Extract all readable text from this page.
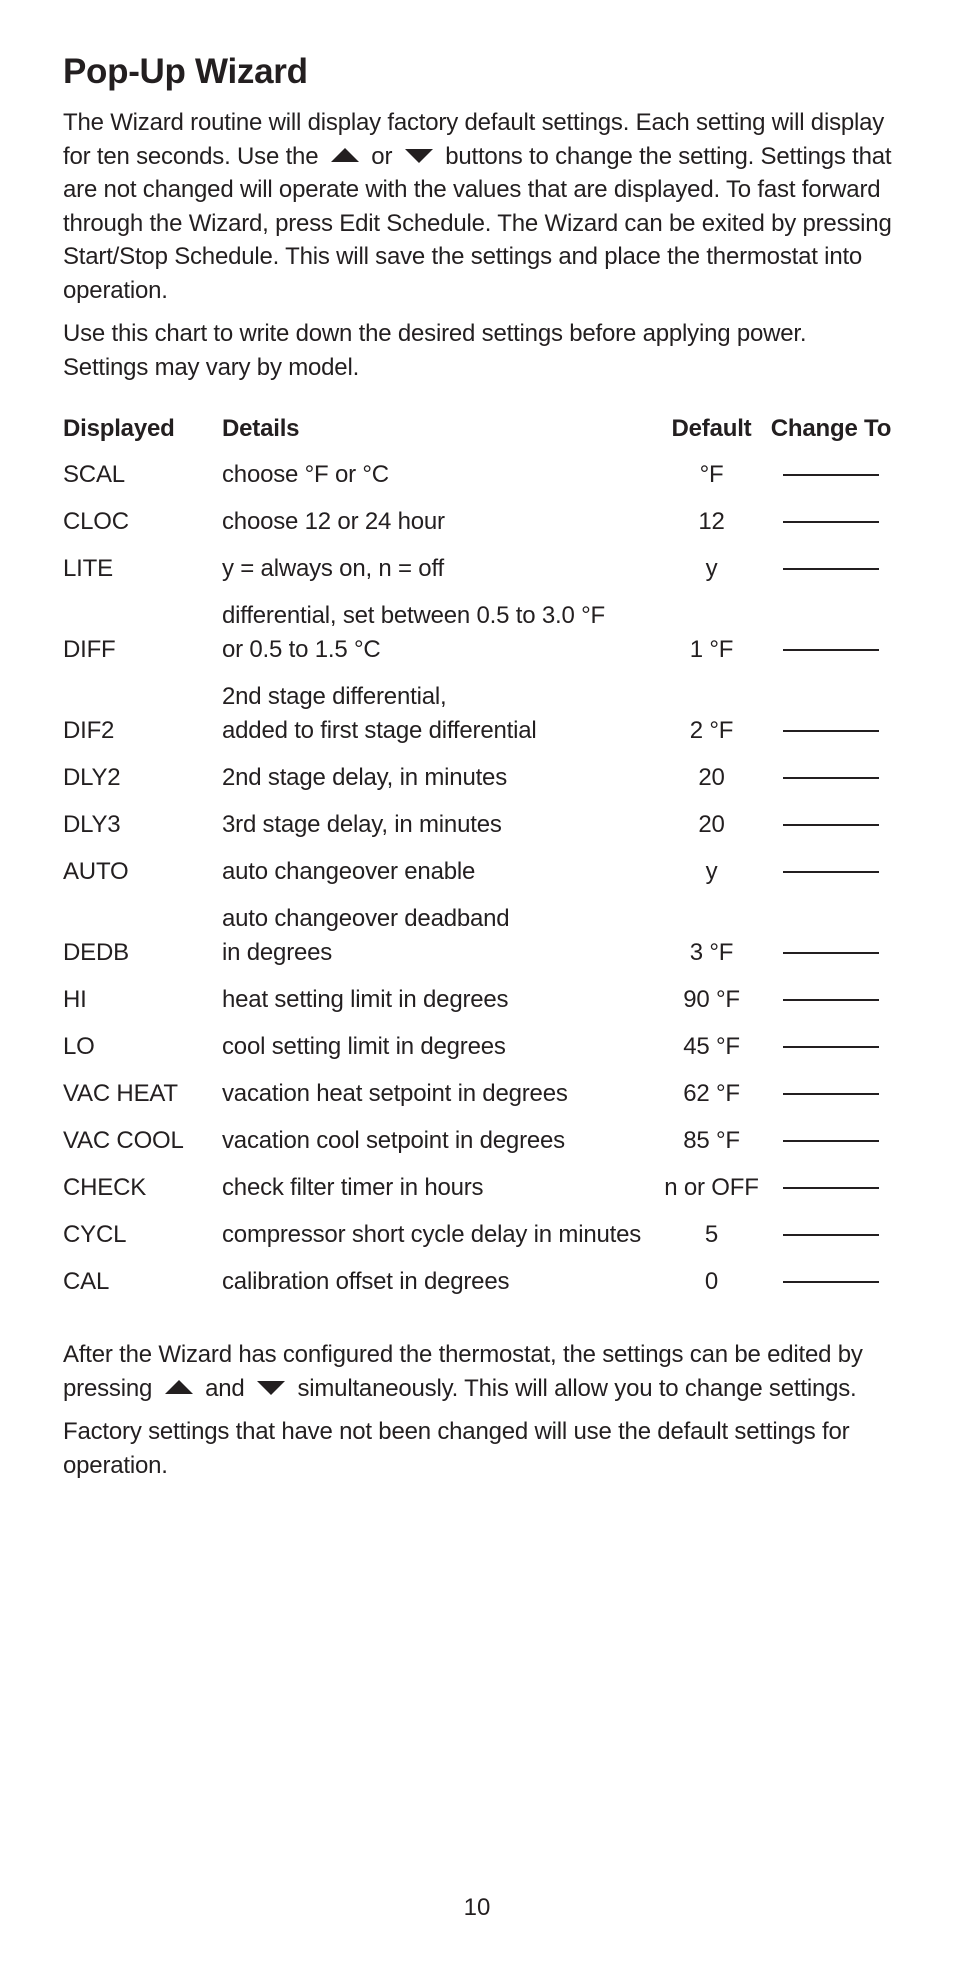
Pop-Up Wizard

The Wizard routine will display factory default settings. Each setting will display for ten seconds. Use the or buttons to change the setting. Settings that are not changed will operate with the values that are displayed. To fast forward through the Wizard, press Edit Schedule. The Wizard can be exited by pressing Start/Stop Schedule. This will save the settings and place the thermostat into operation.

Use this chart to write down the desired settings before applying power. Settings may vary by model.

Displayed	Details	Default	Change To
SCAL	choose °F or °C	°F	
CLOC	choose 12 or 24 hour	12	
LITE	y = always on, n = off	y	
DIFF	differential, set between 0.5 to 3.0 °F
or 0.5 to 1.5 °C	1 °F	
DIF2	2nd stage differential,
added to first stage differential	2 °F	
DLY2	2nd stage delay, in minutes	20	
DLY3	3rd stage delay, in minutes	20	
AUTO	auto changeover enable	y	
DEDB	auto changeover deadband
in degrees	3 °F	
HI	heat setting limit in degrees	90 °F	
LO	cool setting limit in degrees	45 °F	
VAC HEAT	vacation heat setpoint in degrees	62 °F	
VAC COOL	vacation cool setpoint in degrees	85 °F	
CHECK	check filter timer in hours	n or OFF	
CYCL	compressor short cycle delay in minutes	5	
CAL	calibration offset in degrees	0	

After the Wizard has configured the thermostat, the settings can be edited by pressing and simultaneously. This will allow you to change settings.

Factory settings that have not been changed will use the default settings for operation.

10
